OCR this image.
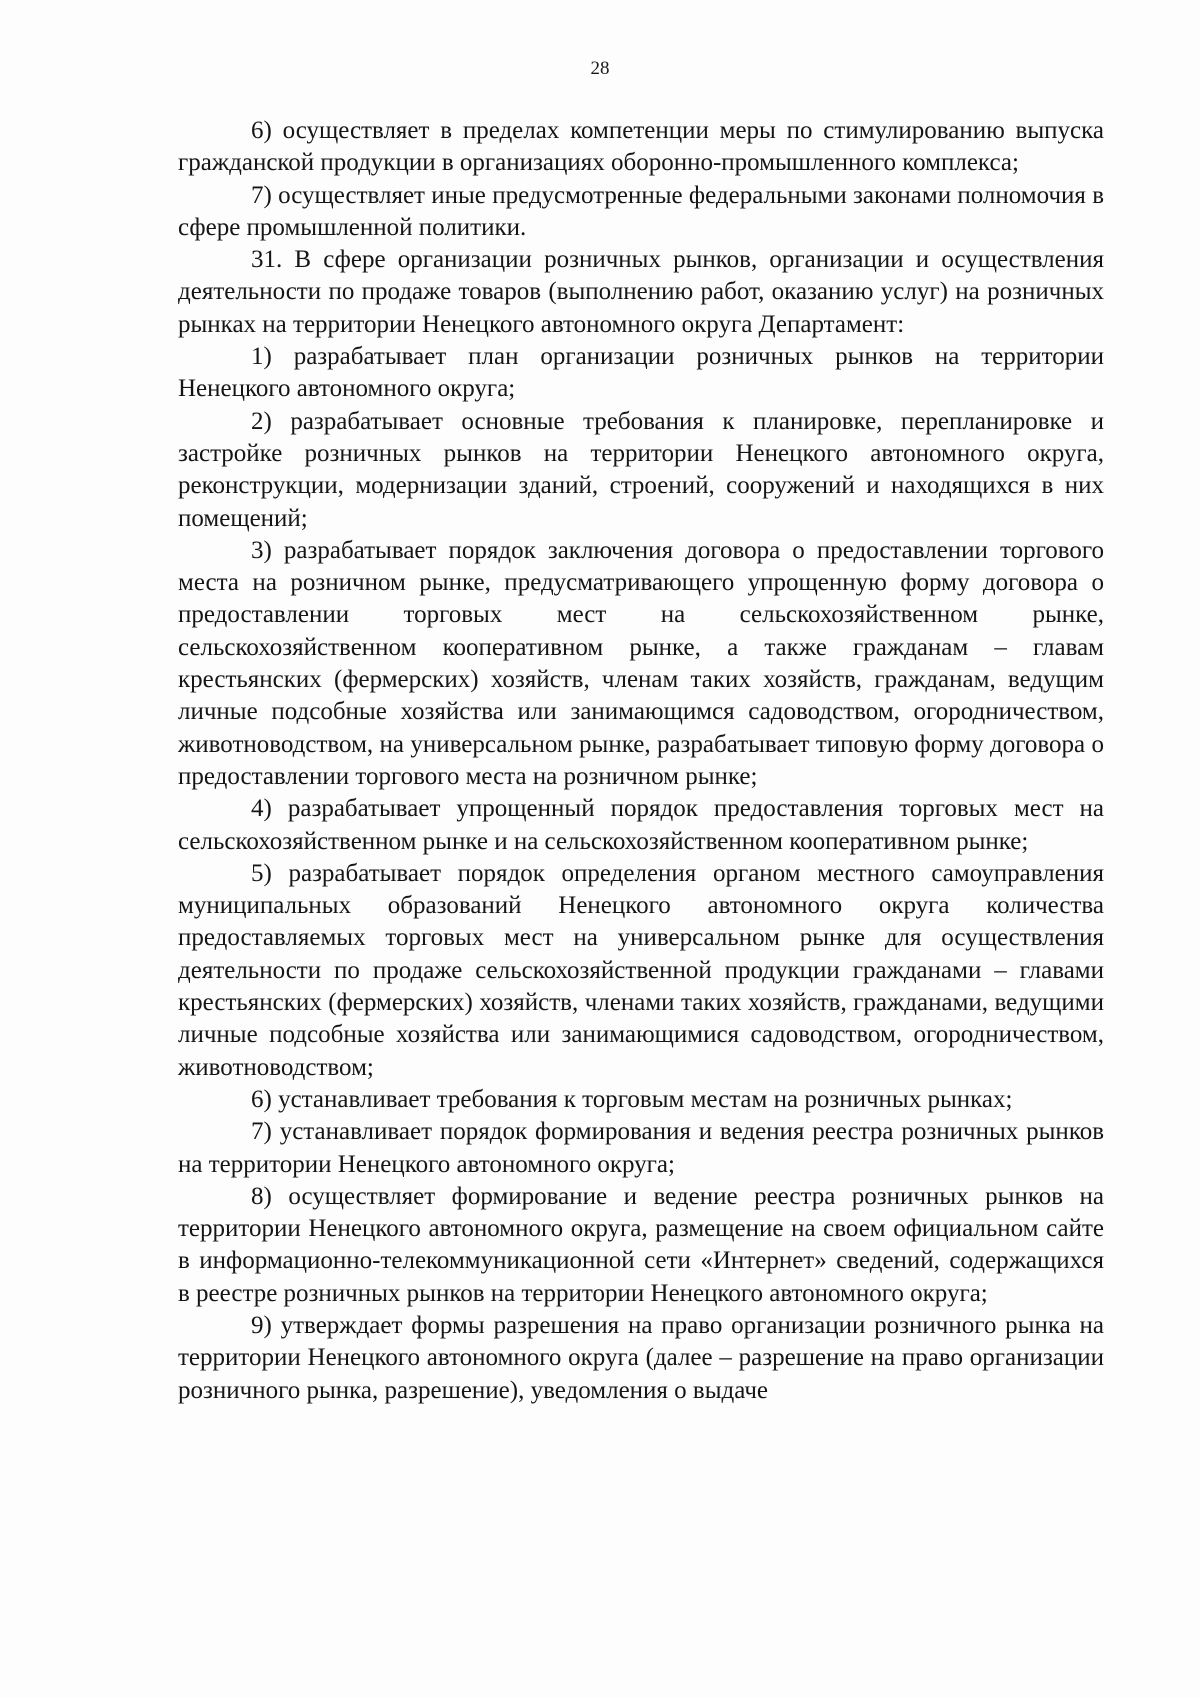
28

6) осуществляет в пределах компетенции меры по стимулированию выпуска гражданской продукции в организациях оборонно-промышленного комплекса;

7) осуществляет иные предусмотренные федеральными законами полномочия в сфере промышленной политики.

31. В сфере организации розничных рынков, организации и осуществления деятельности по продаже товаров (выполнению работ, оказанию услуг) на розничных рынках на территории Ненецкого автономного округа Департамент:

1) разрабатывает план организации розничных рынков на территории Ненецкого автономного округа;

2) разрабатывает основные требования к планировке, перепланировке и застройке розничных рынков на территории Ненецкого автономного округа, реконструкции, модернизации зданий, строений, сооружений и находящихся в них помещений;

3) разрабатывает порядок заключения договора о предоставлении торгового места на розничном рынке, предусматривающего упрощенную форму договора о предоставлении торговых мест на сельскохозяйственном рынке, сельскохозяйственном кооперативном рынке, а также гражданам – главам крестьянских (фермерских) хозяйств, членам таких хозяйств, гражданам, ведущим личные подсобные хозяйства или занимающимся садоводством, огородничеством, животноводством, на универсальном рынке, разрабатывает типовую форму договора о предоставлении торгового места на розничном рынке;

4) разрабатывает упрощенный порядок предоставления торговых мест на сельскохозяйственном рынке и на сельскохозяйственном кооперативном рынке;

5) разрабатывает порядок определения органом местного самоуправления муниципальных образований Ненецкого автономного округа количества предоставляемых торговых мест на универсальном рынке для осуществления деятельности по продаже сельскохозяйственной продукции гражданами – главами крестьянских (фермерских) хозяйств, членами таких хозяйств, гражданами, ведущими личные подсобные хозяйства или занимающимися садоводством, огородничеством, животноводством;

6) устанавливает требования к торговым местам на розничных рынках;

7) устанавливает порядок формирования и ведения реестра розничных рынков на территории Ненецкого автономного округа;

8) осуществляет формирование и ведение реестра розничных рынков на территории Ненецкого автономного округа, размещение на своем официальном сайте в информационно-телекоммуникационной сети «Интернет» сведений, содержащихся в реестре розничных рынков на территории Ненецкого автономного округа;

9) утверждает формы разрешения на право организации розничного рынка на территории Ненецкого автономного округа (далее – разрешение на право организации розничного рынка, разрешение), уведомления о выдаче
